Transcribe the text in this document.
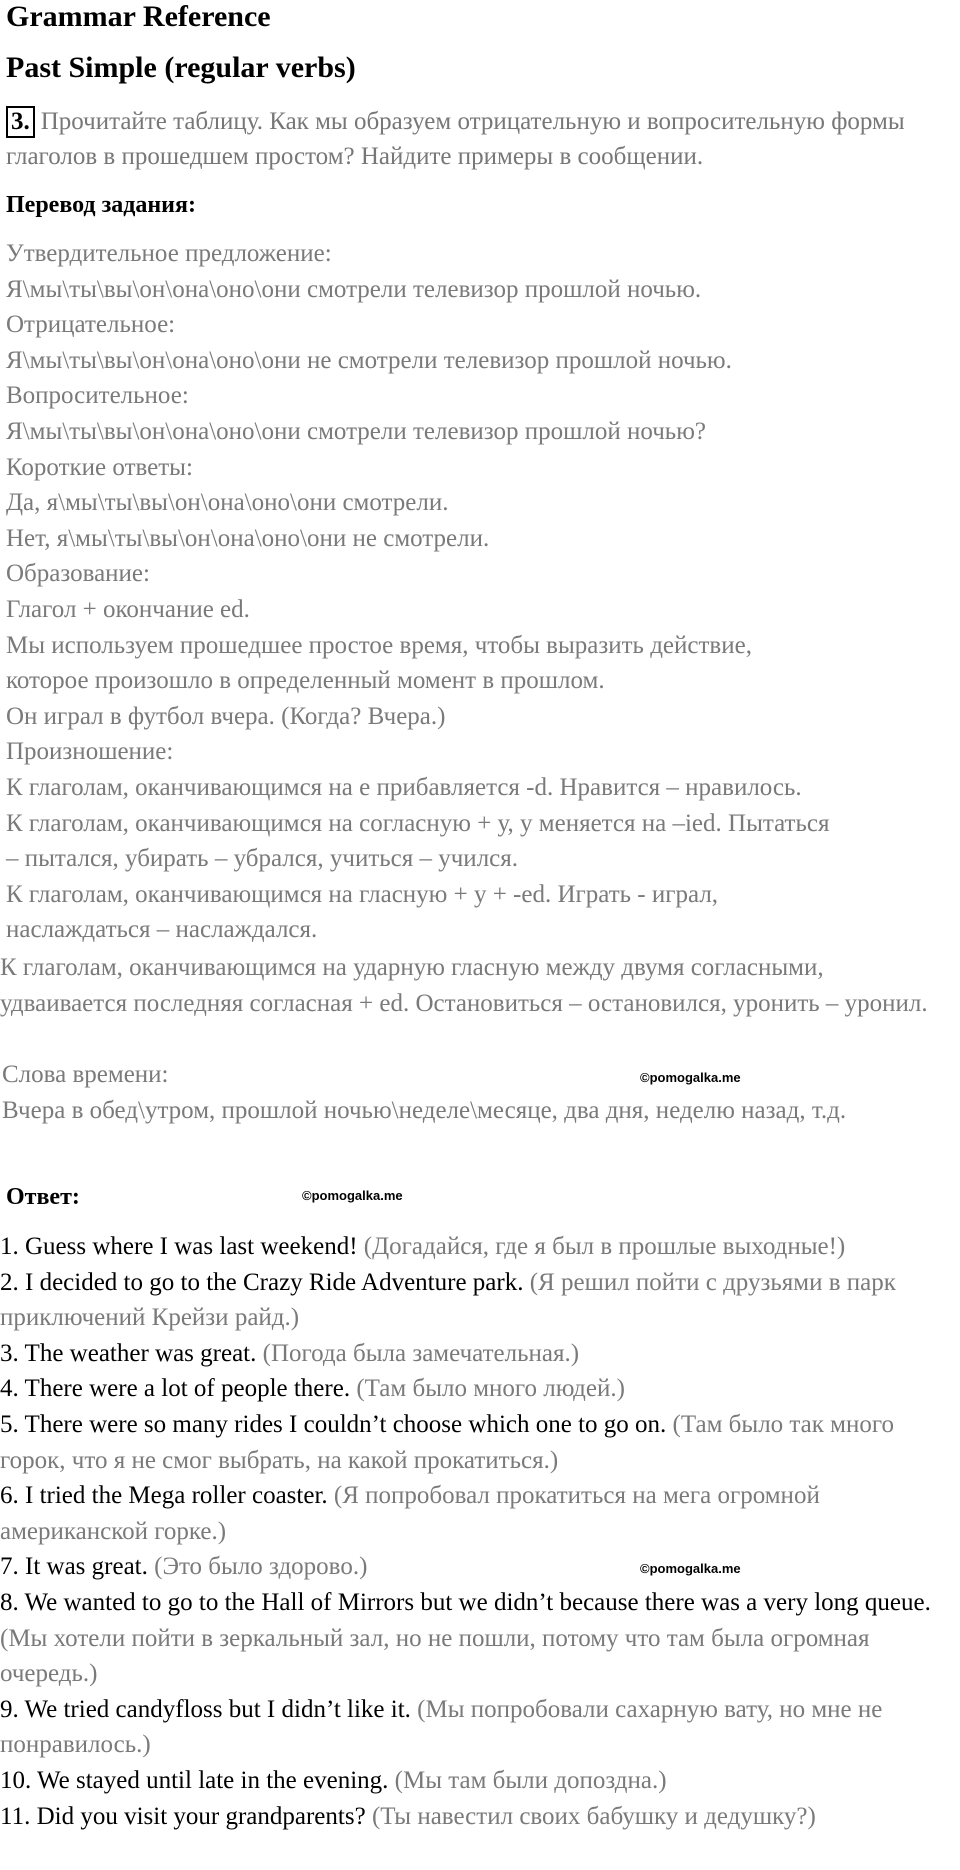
Grammar Reference
Past Simple (regular verbs)
3. Прочитайте таблицу. Как мы образуем отрицательную и вопросительную формы глаголов в прошедшем простом? Найдите примеры в сообщении.
Перевод задания:
Утвердительное предложение:
Я\мы\ты\вы\он\она\оно\они смотрели телевизор прошлой ночью.
Отрицательное:
Я\мы\ты\вы\он\она\оно\они не смотрели телевизор прошлой ночью.
Вопросительное:
Я\мы\ты\вы\он\она\оно\они смотрели телевизор прошлой ночью?
Короткие ответы:
Да, я\мы\ты\вы\он\она\оно\они смотрели.
Нет, я\мы\ты\вы\он\она\оно\они не смотрели.
Образование:
Глагол + окончание ed.
Мы используем прошедшее простое время, чтобы выразить действие,
которое произошло в определенный момент в прошлом.
Он играл в футбол вчера. (Когда? Вчера.)
Произношение:
К глаголам, оканчивающимся на е прибавляется -d. Нравится – нравилось.
К глаголам, оканчивающимся на согласную + у, у меняется на –ied. Пытаться
– пытался, убирать – убрался, учиться – учился.
К глаголам, оканчивающимся на гласную + у + -ed. Играть - играл,
наслаждаться – наслаждался.
К глаголам, оканчивающимся на ударную гласную между двумя согласными, удваивается последняя согласная + ed. Остановиться – остановился, уронить – уронил.
Слова времени:	©pomogalka.me
Вчера в обед\утром, прошлой ночью\неделе\месяце, два дня, неделю назад, т.д.
Ответ:	©pomogalka.me

1. Guess where I was last weekend! (Догадайся, где я был в прошлые выходные!)

2. I decided to go to the Crazy Ride Adventure park. (Я решил пойти с друзьями в парк приключений Крейзи райд.)

3. The weather was great. (Погода была замечательная.)

4. There were a lot of people there. (Там было много людей.)

5. There were so many rides I couldn’t choose which one to go on. (Там было так много горок, что я не смог выбрать, на какой прокатиться.)

6. I tried the Mega roller coaster. (Я попробовал прокатиться на мега огромной американской горке.)

7. It was great. (Это было здорово.)

8. We wanted to go to the Hall of Mirrors but we didn’t because there was a very long queue. (Мы хотели пойти в зеркальный зал, но не пошли, потому что там была огромная очередь.)

9. We tried candyfloss but I didn’t like it. (Мы попробовали сахарную вату, но мне не понравилось.)

10. We stayed until late in the evening. (Мы там были допоздна.)

11. Did you visit your grandparents? (Ты навестил своих бабушку и дедушку?)

©pomogalka.me
